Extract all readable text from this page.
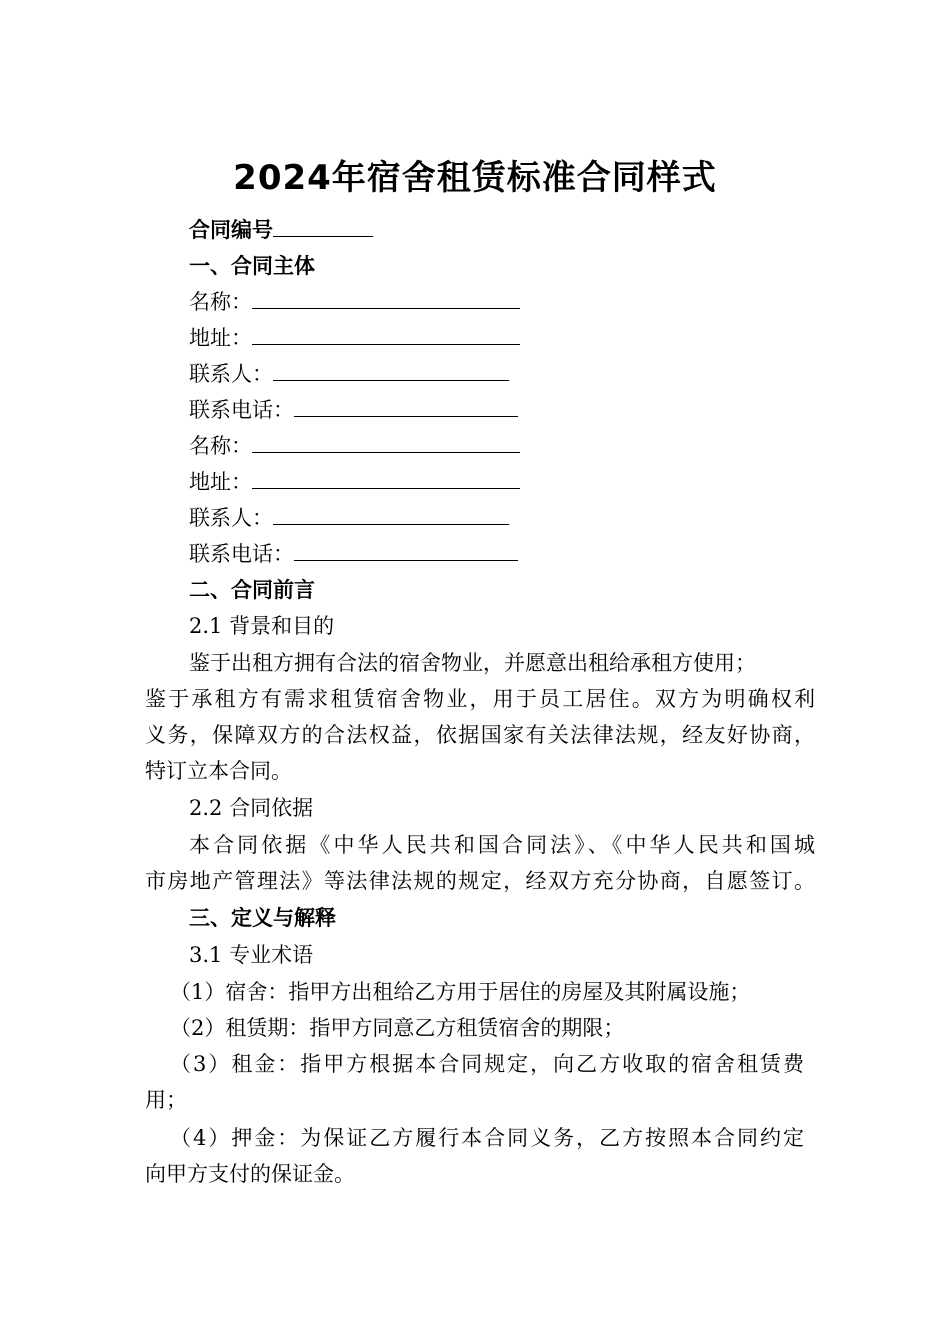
2024年宿舍租赁标准合同样式
合同编号
一、合同主体
名称：
地址：
联系人：
联系电话：
名称：
地址：
联系人：
联系电话：
二、合同前言
2.1 背景和目的
鉴于出租方拥有合法的宿舍物业，并愿意出租给承租方使用；
鉴于承租方有需求租赁宿舍物业，用于员工居住。双方为明确权利
义务，保障双方的合法权益，依据国家有关法律法规，经友好协商，
特订立本合同。
2.2 合同依据
本合同依据《中华人民共和国合同法》、《中华人民共和国城
市房地产管理法》等法律法规的规定，经双方充分协商，自愿签订。
三、定义与解释
3.1 专业术语
（1）宿舍：指甲方出租给乙方用于居住的房屋及其附属设施；
（2）租赁期：指甲方同意乙方租赁宿舍的期限；
（3）租金：指甲方根据本合同规定，向乙方收取的宿舍租赁费
用；
（4）押金：为保证乙方履行本合同义务，乙方按照本合同约定
向甲方支付的保证金。
